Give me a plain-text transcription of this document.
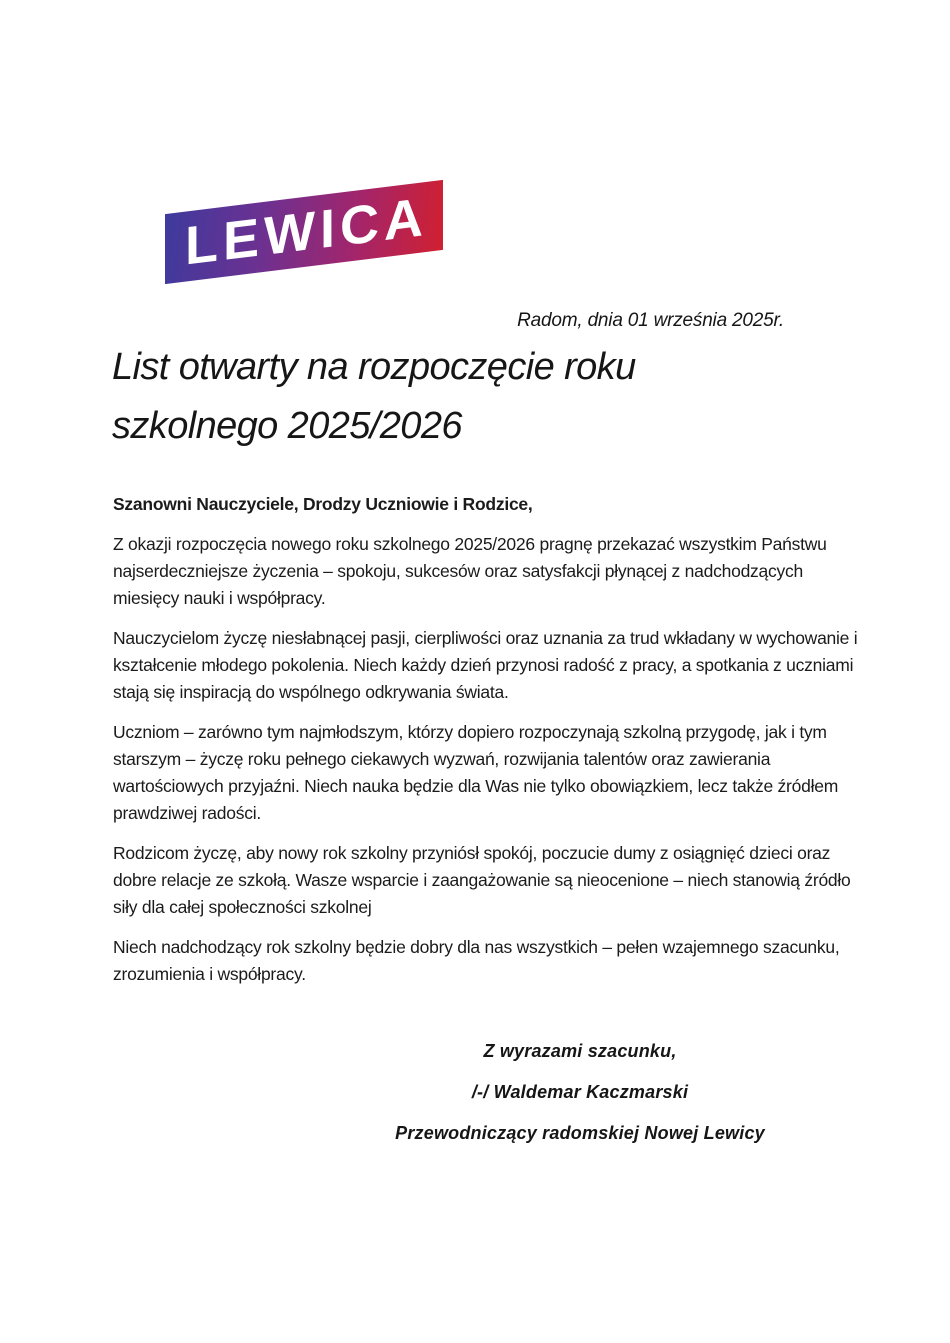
LEWICA
Radom, dnia 01 września 2025r.
List otwarty na rozpoczęcie roku szkolnego 2025/2026

Szanowni Nauczyciele, Drodzy Uczniowie i Rodzice,

Z okazji rozpoczęcia nowego roku szkolnego 2025/2026 pragnę przekazać wszystkim Państwu najserdeczniejsze życzenia – spokoju, sukcesów oraz satysfakcji płynącej z nadchodzących miesięcy nauki i współpracy.

Nauczycielom życzę niesłabnącej pasji, cierpliwości oraz uznania za trud wkładany w wychowanie i kształcenie młodego pokolenia. Niech każdy dzień przynosi radość z pracy, a spotkania z uczniami stają się inspiracją do wspólnego odkrywania świata.

Uczniom – zarówno tym najmłodszym, którzy dopiero rozpoczynają szkolną przygodę, jak i tym starszym – życzę roku pełnego ciekawych wyzwań, rozwijania talentów oraz zawierania wartościowych przyjaźni. Niech nauka będzie dla Was nie tylko obowiązkiem, lecz także źródłem prawdziwej radości.

Rodzicom życzę, aby nowy rok szkolny przyniósł spokój, poczucie dumy z osiągnięć dzieci oraz dobre relacje ze szkołą. Wasze wsparcie i zaangażowanie są nieocenione – niech stanowią źródło siły dla całej społeczności szkolnej

Niech nadchodzący rok szkolny będzie dobry dla nas wszystkich – pełen wzajemnego szacunku, zrozumienia i współpracy.

Z wyrazami szacunku,
/-/ Waldemar Kaczmarski
Przewodniczący radomskiej Nowej Lewicy
